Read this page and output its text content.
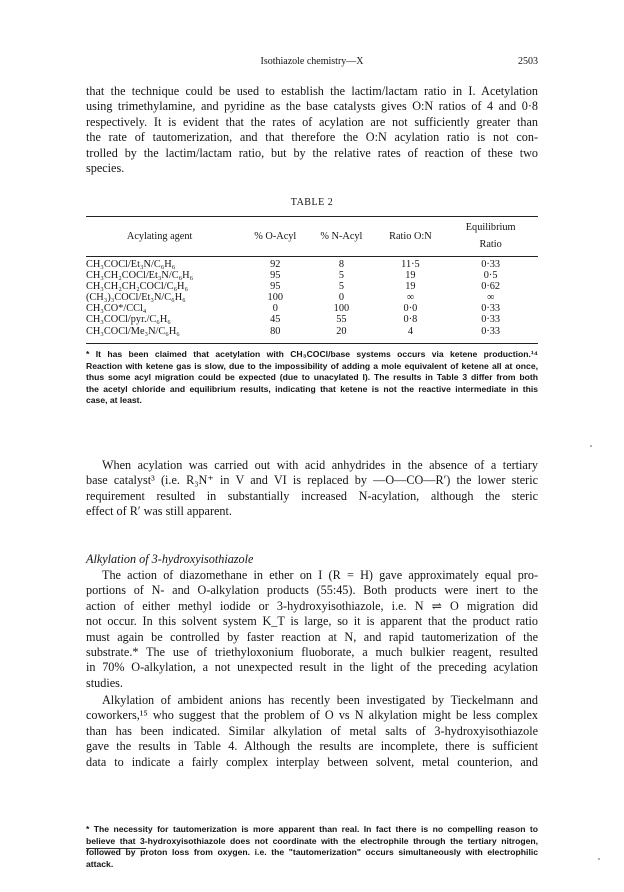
Isothiazole chemistry—X	2503
that the technique could be used to establish the lactim/lactam ratio in I. Acetylation
using trimethylamine, and pyridine as the base catalysts gives O:N ratios of 4 and 0·8
respectively. It is evident that the rates of acylation are not sufficiently greater than
the rate of tautomerization, and that therefore the O:N acylation ratio is not con-
trolled by the lactim/lactam ratio, but by the relative rates of reaction of these two
species.
TABLE 2
Acylating agent	% O-Acyl	% N-Acyl	Ratio O:N	Equilibrium
Ratio

CH₃COCl/Et₃N/C₆H₆	92	8	11·5	0·33
CH₃CH₂COCl/Et₃N/C₆H₆	95	5	19	0·5
CH₃CH₂CH₂COCl/C₆H₆	95	5	19	0·62
(CH₃)₃COCl/Et₃N/C₆H₆	100	0	∞	∞
CH₃CO*/CCl₄	0	100	0·0	0·33
CH₃COCl/pyr./C₆H₆	45	55	0·8	0·33
CH₃COCl/Me₃N/C₆H₆	80	20	4	0·33
* It has been claimed that acetylation with CH₃COCl/base systems occurs via ketene production.¹⁴
Reaction with ketene gas is slow, due to the impossibility of adding a mole equivalent of ketene all at once,
thus some acyl migration could be expected (due to unacylated I). The results in Table 3 differ from both
the acetyl chloride and equilibrium results, indicating that ketene is not the reactive intermediate in this
case, at least.
When acylation was carried out with acid anhydrides in the absence of a tertiary
base catalyst³ (i.e. R₃N⁺ in V and VI is replaced by —O—CO—R′) the lower steric
requirement resulted in substantially increased N-acylation, although the steric
effect of R′ was still apparent.
Alkylation of 3-hydroxyisothiazole
The action of diazomethane in ether on I (R = H) gave approximately equal pro-
portions of N- and O-alkylation products (55:45). Both products were inert to the
action of either methyl iodide or 3-hydroxyisothiazole, i.e. N ⇌ O migration did
not occur. In this solvent system K_T is large, so it is apparent that the product ratio
must again be controlled by faster reaction at N, and rapid tautomerization of the
substrate.* The use of triethyloxonium fluoborate, a much bulkier reagent, resulted
in 70% O-alkylation, a not unexpected result in the light of the preceding acylation
studies.
Alkylation of ambident anions has recently been investigated by Tieckelmann and
coworkers,¹⁵ who suggest that the problem of O vs N alkylation might be less complex
than has been indicated. Similar alkylation of metal salts of 3-hydroxyisothiazole
gave the results in Table 4. Although the results are incomplete, there is sufficient
data to indicate a fairly complex interplay between solvent, metal counterion, and
* The necessity for tautomerization is more apparent than real. In fact there is no compelling reason to
believe that 3-hydroxyisothiazole does not coordinate with the electrophile through the tertiary nitrogen,
followed by proton loss from oxygen. i.e. the "tautomerization" occurs simultaneously with electrophilic
attack.
